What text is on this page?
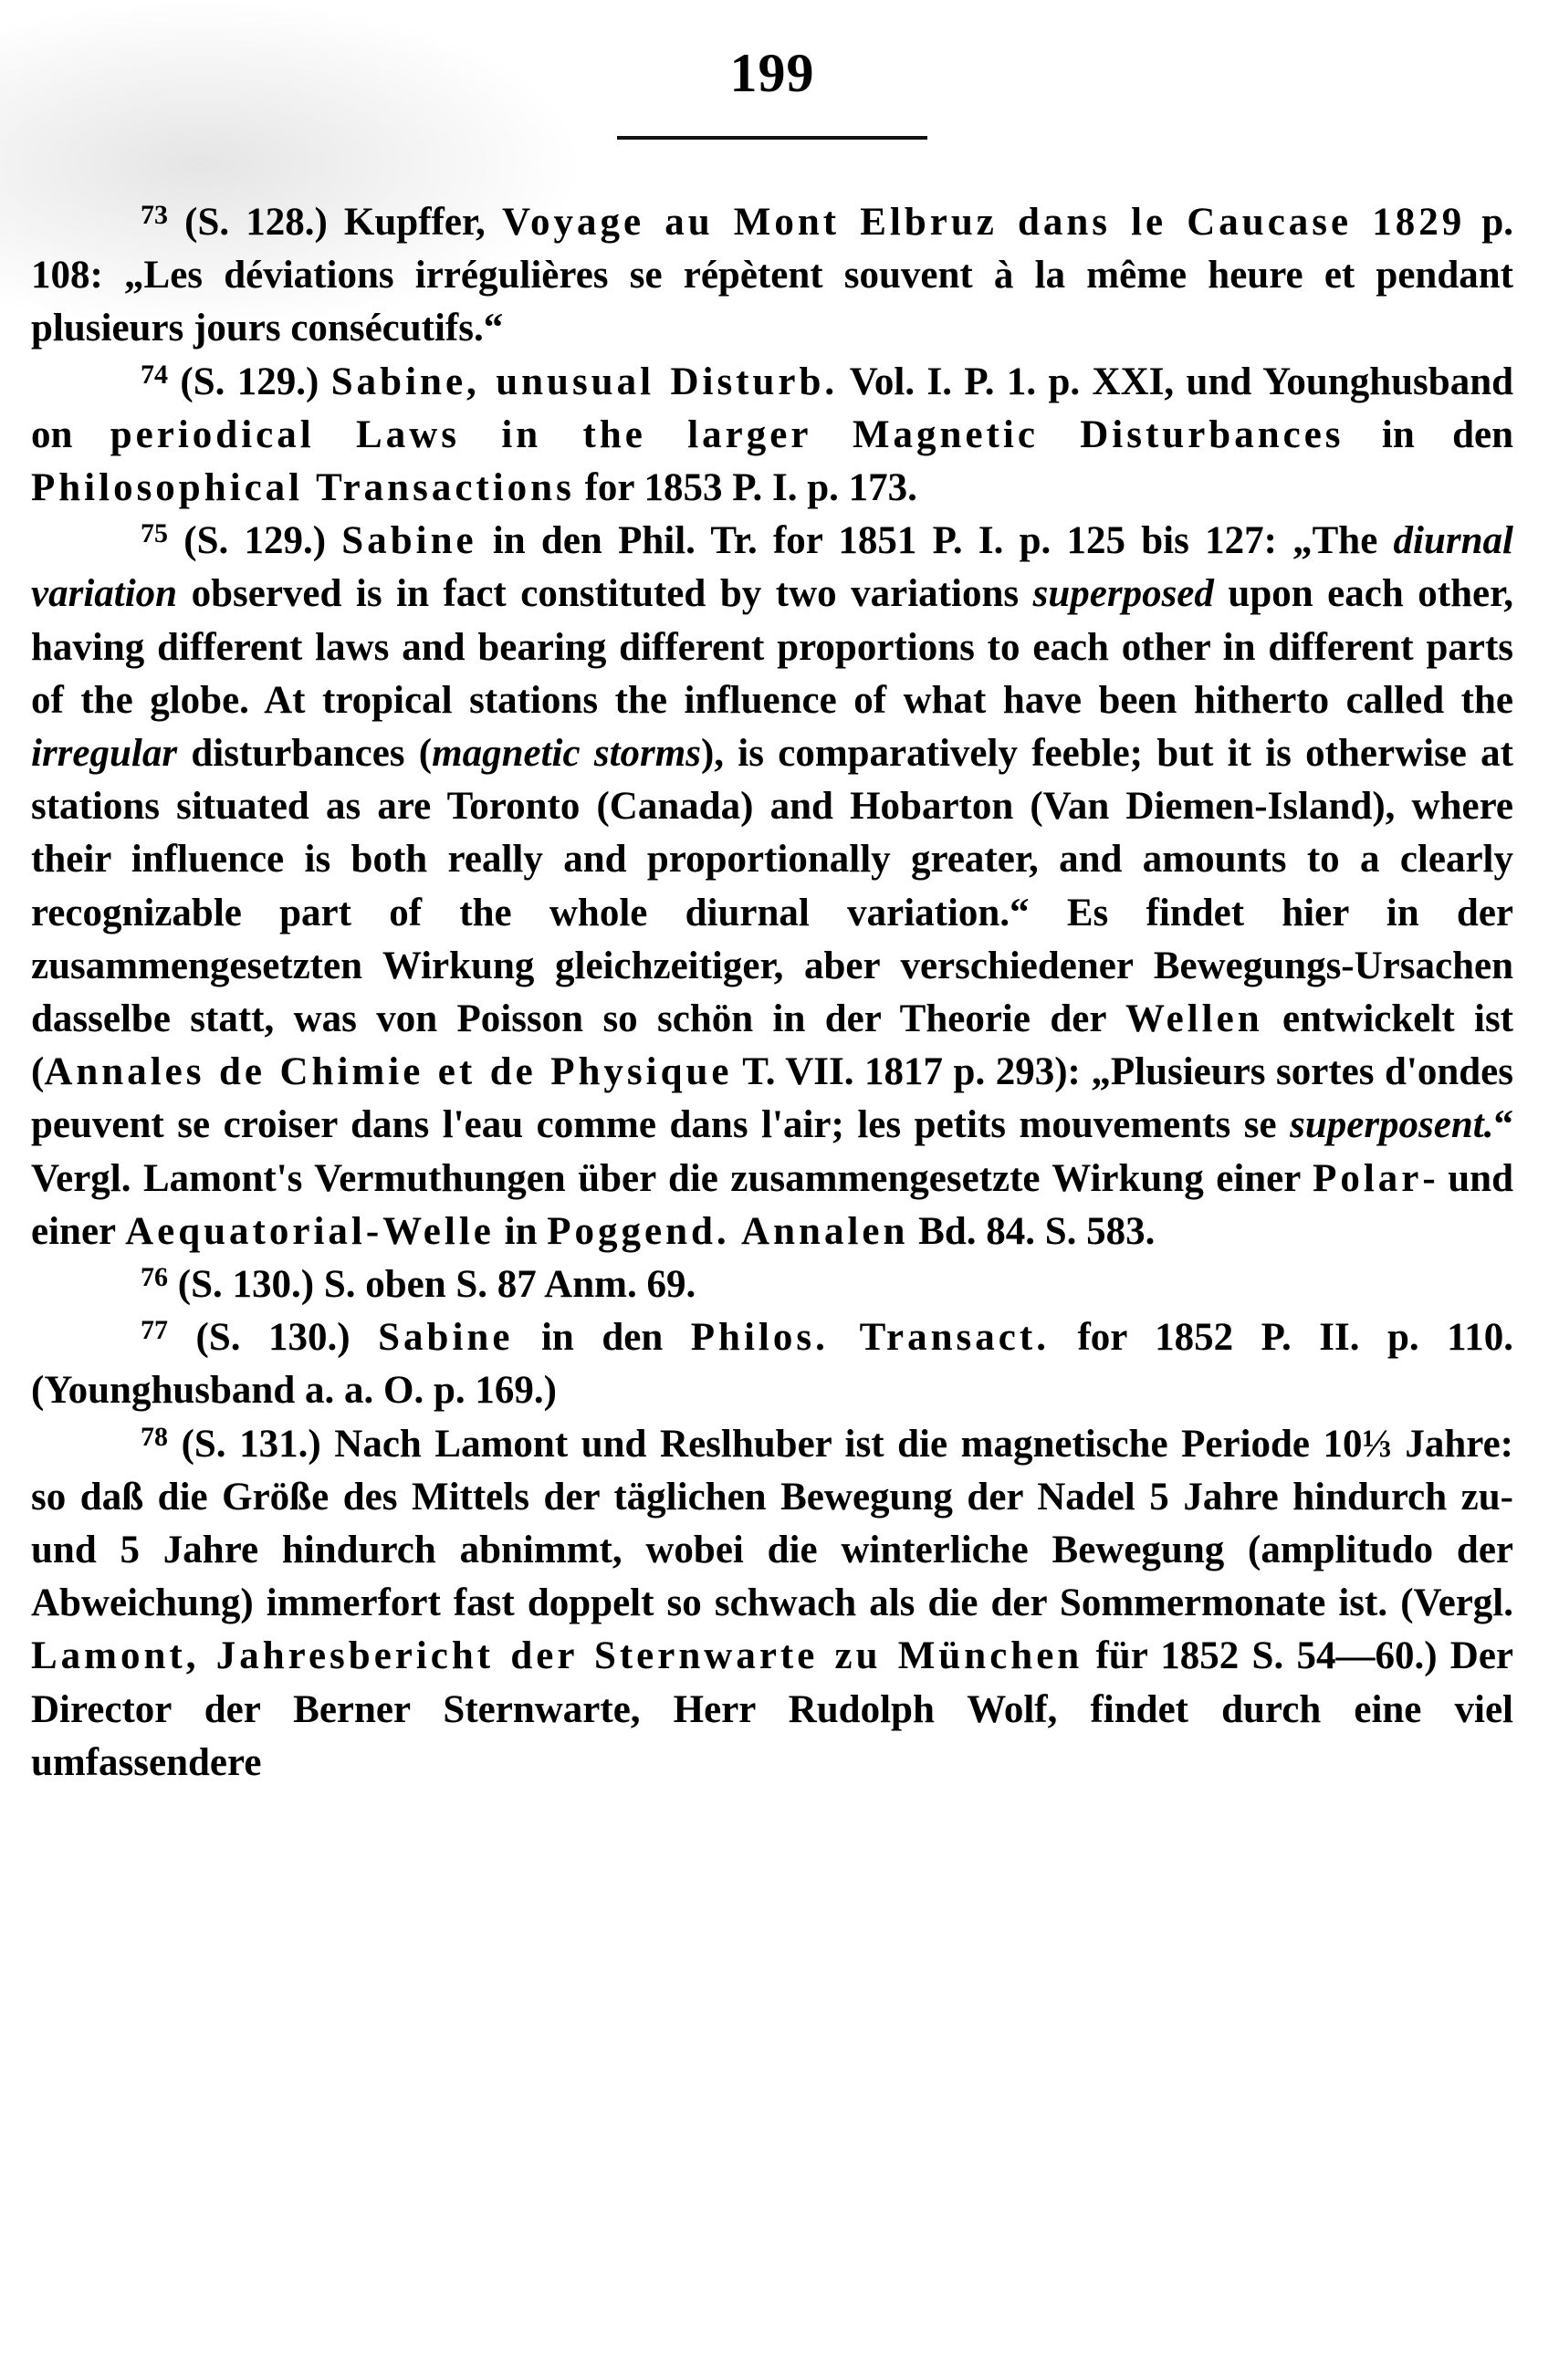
199

$^{73}$ (S. 128.) Kupffer, Voyage au Mont Elbruz dans le Caucase 1829 p. 108: „Les déviations irrégulières se répètent souvent à la même heure et pendant plusieurs jours consécutifs.“

$^{74}$ (S. 129.) Sabine, unusual Disturb. Vol. I. P. 1. p. XXI, und Younghusband on periodical Laws in the larger Magnetic Disturbances in den Philosophical Transactions for 1853 P. I. p. 173.

$^{75}$ (S. 129.) Sabine in den Phil. Tr. for 1851 P. I. p. 125 bis 127: „The diurnal variation observed is in fact constituted by two variations superposed upon each other, having different laws and bearing different proportions to each other in different parts of the globe. At tropical stations the influence of what have been hitherto called the irregular disturbances (magnetic storms), is comparatively feeble; but it is otherwise at stations situated as are Toronto (Canada) and Hobarton (Van Diemen-Island), where their influence is both really and proportionally greater, and amounts to a clearly recognizable part of the whole diurnal variation.“ Es findet hier in der zusammengesetzten Wirkung gleichzeitiger, aber verschiedener Bewegungs-Ursachen dasselbe statt, was von Poisson so schön in der Theorie der Wellen entwickelt ist (Annales de Chimie et de Physique T. VII. 1817 p. 293): „Plusieurs sortes d'ondes peuvent se croiser dans l'eau comme dans l'air; les petits mouvements se superposent.“ Vergl. Lamont's Vermuthungen über die zusammengesetzte Wirkung einer Polar- und einer Aequatorial-Welle in Poggend. Annalen Bd. 84. S. 583.

$^{76}$ (S. 130.) S. oben S. 87 Anm. 69.

$^{77}$ (S. 130.) Sabine in den Philos. Transact. for 1852 P. II. p. 110. (Younghusband a. a. O. p. 169.)

$^{78}$ (S. 131.) Nach Lamont und Reslhuber ist die magnetische Periode 10⅓ Jahre: so daß die Größe des Mittels der täglichen Bewegung der Nadel 5 Jahre hindurch zu- und 5 Jahre hindurch abnimmt, wobei die winterliche Bewegung (amplitudo der Abweichung) immerfort fast doppelt so schwach als die der Sommermonate ist. (Vergl. Lamont, Jahresbericht der Sternwarte zu München für 1852 S. 54—60.) Der Director der Berner Sternwarte, Herr Rudolph Wolf, findet durch eine viel umfassendere
